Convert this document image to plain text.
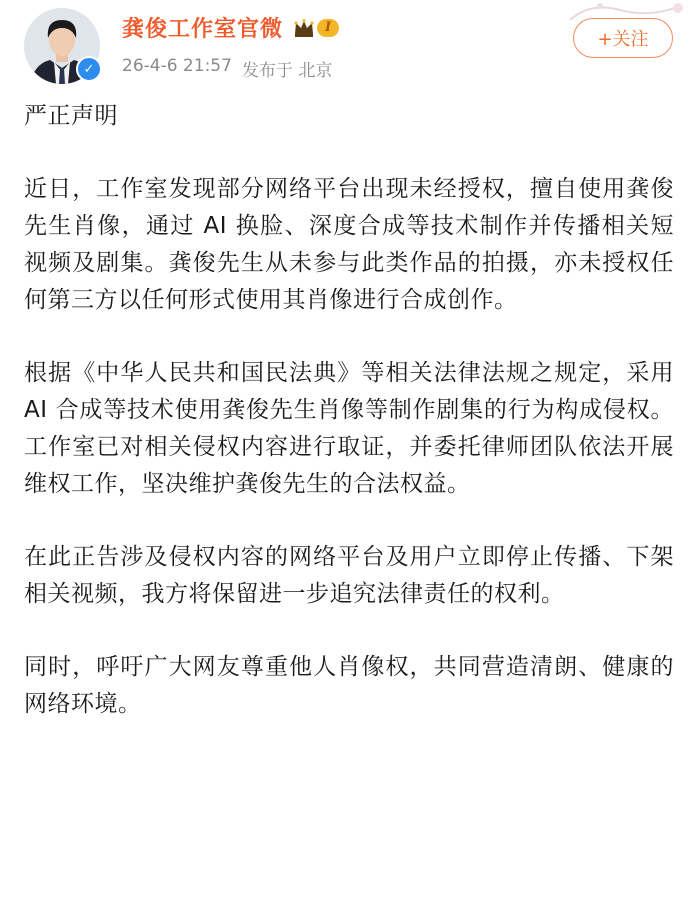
✓
龚俊工作室官微	I
26-4-6 21:57 发布于 北京
+关注

严正声明

近日，工作室发现部分网络平台出现未经授权，擅自使用龚俊先生肖像，通过 AI 换脸、深度合成等技术制作并传播相关短视频及剧集。龚俊先生从未参与此类作品的拍摄，亦未授权任何第三方以任何形式使用其肖像进行合成创作。

根据《中华人民共和国民法典》等相关法律法规之规定，采用 AI 合成等技术使用龚俊先生肖像等制作剧集的行为构成侵权。工作室已对相关侵权内容进行取证，并委托律师团队依法开展维权工作，坚决维护龚俊先生的合法权益。

在此正告涉及侵权内容的网络平台及用户立即停止传播、下架相关视频，我方将保留进一步追究法律责任的权利。

同时，呼吁广大网友尊重他人肖像权，共同营造清朗、健康的网络环境。
